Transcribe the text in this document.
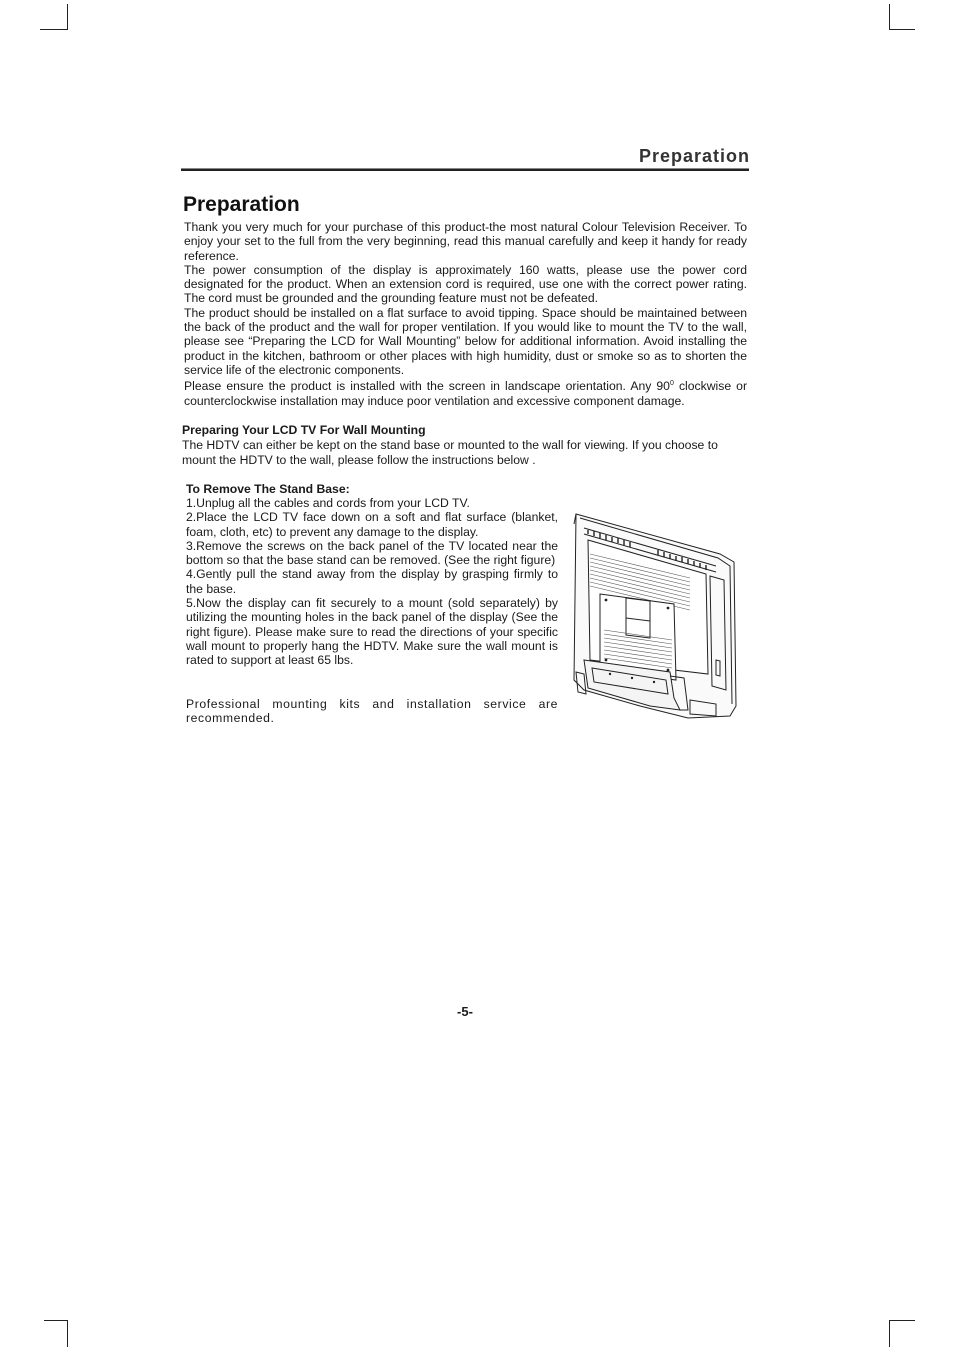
Preparation
Preparation

Thank you very much for your purchase of this product-the most natural Colour Television Receiver. To enjoy your set to the full from the very beginning, read this manual carefully and keep it handy for ready reference.

The power consumption of the display is approximately 160 watts, please use the power cord designated for the product. When an extension cord is required, use one with the correct power rating. The cord must be grounded and the grounding feature must not be defeated.

The product should be installed on a flat surface to avoid tipping. Space should be maintained between the back of the product and the wall for proper ventilation. If you would like to mount the TV to the wall, please see “Preparing the LCD for Wall Mounting” below for additional information. Avoid installing the product in the kitchen, bathroom or other places with high humidity, dust or smoke so as to shorten the service life of the electronic components.

Please ensure the product is installed with the screen in landscape orientation. Any $90^0$ clockwise or counterclockwise installation may induce poor ventilation and excessive component damage.

Preparing Your LCD TV For Wall Mounting
The HDTV can either be kept on the stand base or mounted to the wall for viewing. If you choose to mount the HDTV to the wall, please follow the instructions below .
To Remove The Stand Base:

1.Unplug all the cables and cords from your LCD TV.

2.Place the LCD TV face down on a soft and flat surface (blanket, foam, cloth, etc) to prevent any damage to the display.

3.Remove the screws on the back panel of the TV located near the bottom so that the base stand can be removed. (See the right figure)

4.Gently pull the stand away from the display by grasping firmly to the base.

5.Now the display can fit securely to a mount (sold separately) by utilizing the mounting holes in the back panel of the display (See the right figure). Please make sure to read the directions of your specific wall mount to properly hang the HDTV. Make sure the wall mount is rated to support at least 65 lbs.

Professional mounting kits and installation service are recommended.
-5-
